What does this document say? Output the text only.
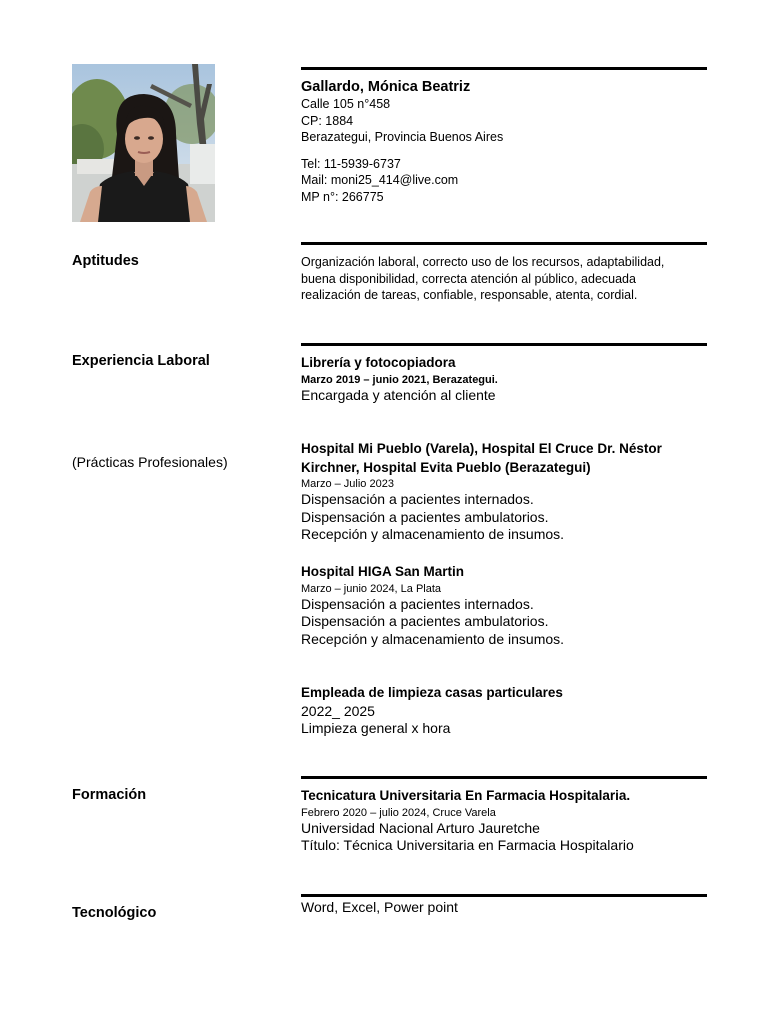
Gallardo, Mónica Beatriz
Calle 105 n°458
CP: 1884
Berazategui, Provincia Buenos Aires
Tel: 11-5939-6737
Mail: moni25_414@live.com
MP n°: 266775
Aptitudes	Organización laboral, correcto uso de los recursos, adaptabilidad,
buena disponibilidad, correcta atención al público, adecuada
realización de tareas, confiable, responsable, atenta, cordial.
Experiencia Laboral	Librería y fotocopiadora
Marzo 2019 – junio 2021, Berazategui.
Encargada y atención al cliente
(Prácticas Profesionales)
Hospital Mi Pueblo (Varela), Hospital El Cruce Dr. Néstor
Kirchner, Hospital Evita Pueblo (Berazategui)
Marzo – Julio 2023
Dispensación a pacientes internados.
Dispensación a pacientes ambulatorios.
Recepción y almacenamiento de insumos.
Hospital HIGA San Martin
Marzo – junio 2024, La Plata
Dispensación a pacientes internados.
Dispensación a pacientes ambulatorios.
Recepción y almacenamiento de insumos.
Empleada de limpieza casas particulares
2022_ 2025
Limpieza general x hora
Formación	Tecnicatura Universitaria En Farmacia Hospitalaria.
Febrero 2020 – julio 2024, Cruce Varela
Universidad Nacional Arturo Jauretche
Título: Técnica Universitaria en Farmacia Hospitalario
Tecnológico	Word, Excel, Power point
